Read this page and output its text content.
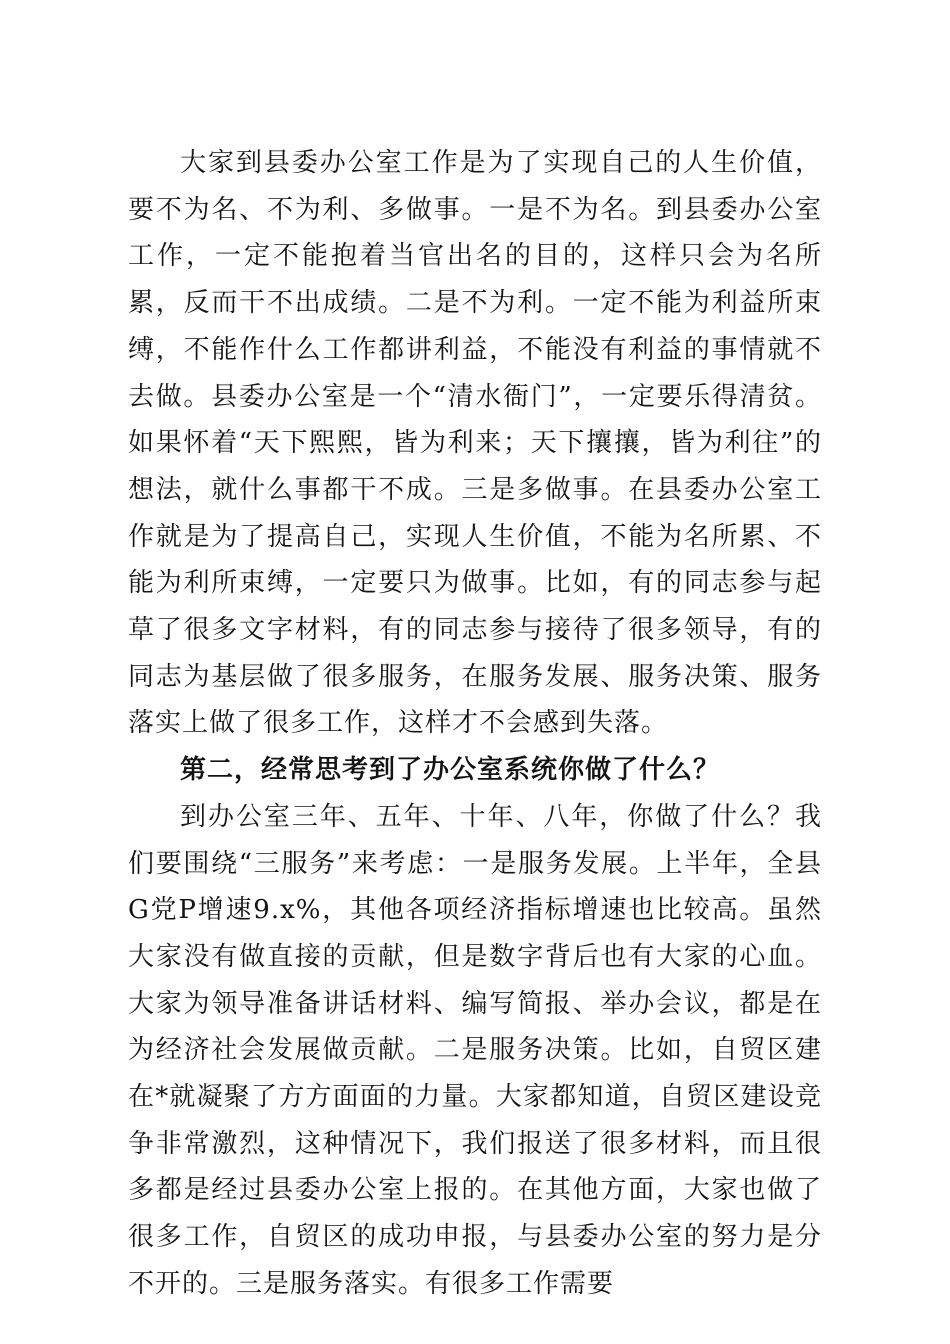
大家到县委办公室工作是为了实现自己的人生价值，要不为名、不为利、多做事。一是不为名。到县委办公室工作，一定不能抱着当官出名的目的，这样只会为名所累，反而干不出成绩。二是不为利。一定不能为利益所束缚，不能作什么工作都讲利益，不能没有利益的事情就不去做。县委办公室是一个“清水衙门”，一定要乐得清贫。如果怀着“天下熙熙，皆为利来；天下攘攘，皆为利往”的想法，就什么事都干不成。三是多做事。在县委办公室工作就是为了提高自己，实现人生价值，不能为名所累、不能为利所束缚，一定要只为做事。比如，有的同志参与起草了很多文字材料，有的同志参与接待了很多领导，有的同志为基层做了很多服务，在服务发展、服务决策、服务落实上做了很多工作，这样才不会感到失落。

第二，经常思考到了办公室系统你做了什么？

到办公室三年、五年、十年、八年，你做了什么？我们要围绕“三服务”来考虑：一是服务发展。上半年，全县G党P增速9.x%，其他各项经济指标增速也比较高。虽然大家没有做直接的贡献，但是数字背后也有大家的心血。大家为领导准备讲话材料、编写简报、举办会议，都是在为经济社会发展做贡献。二是服务决策。比如，自贸区建在*就凝聚了方方面面的力量。大家都知道，自贸区建设竞争非常激烈，这种情况下，我们报送了很多材料，而且很多都是经过县委办公室上报的。在其他方面，大家也做了很多工作，自贸区的成功申报，与县委办公室的努力是分不开的。三是服务落实。有很多工作需要
